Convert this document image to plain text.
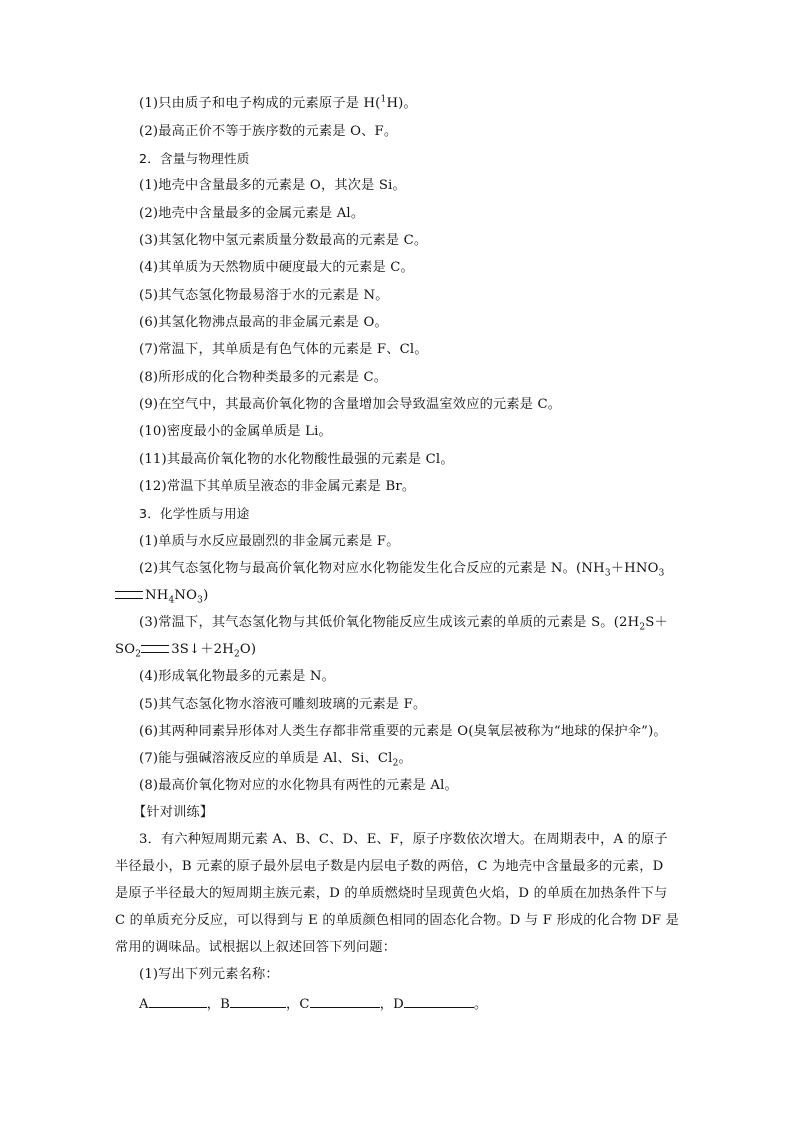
(1)只由质子和电子构成的元素原子是 H($^1$H)。
(2)最高正价不等于族序数的元素是 O、F。
2．含量与物理性质
(1)地壳中含量最多的元素是 O，其次是 Si。
(2)地壳中含量最多的金属元素是 Al。
(3)其氢化物中氢元素质量分数最高的元素是 C。
(4)其单质为天然物质中硬度最大的元素是 C。
(5)其气态氢化物最易溶于水的元素是 N。
(6)其氢化物沸点最高的非金属元素是 O。
(7)常温下，其单质是有色气体的元素是 F、Cl。
(8)所形成的化合物种类最多的元素是 C。
(9)在空气中，其最高价氧化物的含量增加会导致温室效应的元素是 C。
(10)密度最小的金属单质是 Li。
(11)其最高价氧化物的水化物酸性最强的元素是 Cl。
(12)常温下其单质呈液态的非金属元素是 Br。
3．化学性质与用途
(1)单质与水反应最剧烈的非金属元素是 F。
(2)其气态氢化物与最高价氧化物对应水化物能发生化合反应的元素是 N。($NH_3+HNO_3$
$NH_4NO_3$)
(3)常温下，其气态氢化物与其低价氧化物能反应生成该元素的单质的元素是 S。($2H_2S+$
$SO_2$ $3S↓+2H_2O$)
(4)形成氧化物最多的元素是 N。
(5)其气态氢化物水溶液可雕刻玻璃的元素是 F。
(6)其两种同素异形体对人类生存都非常重要的元素是 O(臭氧层被称为“地球的保护伞”)。
(7)能与强碱溶液反应的单质是 Al、Si、$Cl_2$。
(8)最高价氧化物对应的水化物具有两性的元素是 Al。
【针对训练】
3．有六种短周期元素 A、B、C、D、E、F，原子序数依次增大。在周期表中，A 的原子
半径最小，B 元素的原子最外层电子数是内层电子数的两倍，C 为地壳中含量最多的元素，D
是原子半径最大的短周期主族元素，D 的单质燃烧时呈现黄色火焰，D 的单质在加热条件下与
C 的单质充分反应，可以得到与 E 的单质颜色相同的固态化合物。D 与 F 形成的化合物 DF 是
常用的调味品。试根据以上叙述回答下列问题：
(1)写出下列元素名称：
A	，B	，C	，D	。
